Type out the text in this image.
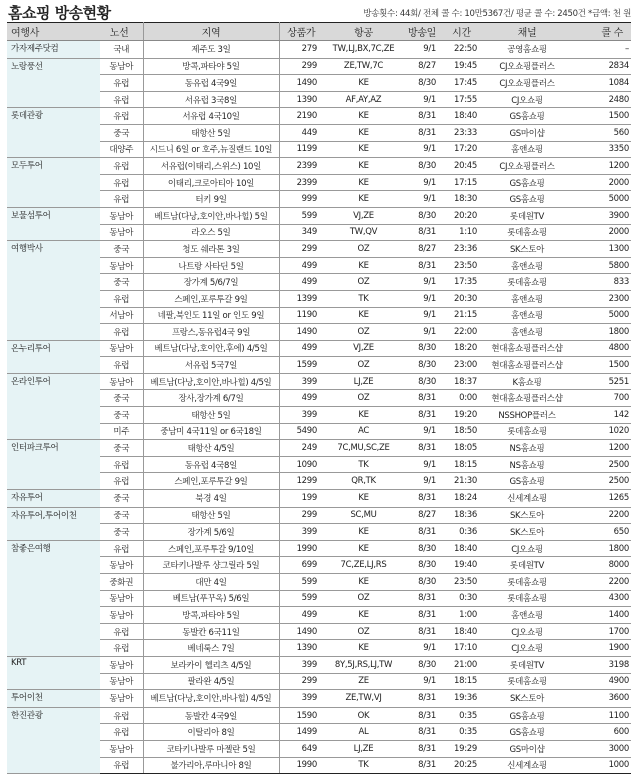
홈쇼핑 방송현황	방송횟수: 44회/ 전체 콜 수: 10만5367건/ 평균 콜 수: 2450건 *금액: 천 원
여행사	노선	지역	상품가	항공	방송일	시간	채널	콜 수
가자제주닷컴	국내	제주도 3일	279	TW,LJ,BX,7C,ZE	9/1	22:50	공영홈쇼핑	–
노랑풍선	동남아	방콕,파타야 5일	299	ZE,TW,7C	8/27	19:45	CJ오쇼핑플러스	2834
	유럽	동유럽 4국9일	1490	KE	8/30	17:45	CJ오쇼핑플러스	1084
	유럽	서유럽 3국8일	1390	AF,AY,AZ	9/1	17:55	CJ오쇼핑	2480
롯데관광	유럽	서유럽 4국10일	2190	KE	8/31	18:40	GS홈쇼핑	1500
	중국	태항산 5일	449	KE	8/31	23:33	GS마이샵	560
	대양주	시드니 6일 or 호주,뉴질랜드 10일	1199	KE	9/1	17:20	홈앤쇼핑	3350
모두투어	유럽	서유럽(이태리,스위스) 10일	2399	KE	8/30	20:45	CJ오쇼핑플러스	1200
	유럽	이태리,크로아티아 10일	2399	KE	9/1	17:15	GS홈쇼핑	2000
	유럽	터키 9일	999	KE	9/1	18:30	GS홈쇼핑	5000
보물섬투어	동남아	베트남(다낭,호이안,바나힐) 5일	599	VJ,ZE	8/30	20:20	롯데원TV	3900
	동남아	라오스 5일	349	TW,QV	8/31	1:10	롯데홈쇼핑	2000
여행박사	중국	청도 쉐라톤 3일	299	OZ	8/27	23:36	SK스토아	1300
	동남아	나트랑 사타딘 5일	499	KE	8/31	23:50	홈앤쇼핑	5800
	중국	장가계 5/6/7일	499	OZ	9/1	17:35	롯데홈쇼핑	833
	유럽	스페인,포루투갈 9일	1399	TK	9/1	20:30	홈앤쇼핑	2300
	서남아	네팔,북인도 11일 or 인도 9일	1190	KE	9/1	21:15	홈앤쇼핑	5000
	유럽	프랑스,동유럽4국 9일	1490	OZ	9/1	22:00	홈앤쇼핑	1800
온누리투어	동남아	베트남(다낭,호이안,후에) 4/5일	499	VJ,ZE	8/30	18:20	현대홈쇼핑플러스샵	4800
	유럽	서유럽 5국7일	1599	OZ	8/30	23:00	현대홈쇼핑플러스샵	1500
온라인투어	동남아	베트남(다낭,호이안,바나힐) 4/5일	399	LJ,ZE	8/30	18:37	K홈쇼핑	5251
	중국	장사,장가계 6/7일	499	OZ	8/31	0:00	현대홈쇼핑플러스샵	700
	중국	태항산 5일	399	KE	8/31	19:20	NSSHOP플러스	142
	미주	중남미 4국11일 or 6국18일	5490	AC	9/1	18:50	롯데홈쇼핑	1020
인터파크투어	중국	태항산 4/5일	249	7C,MU,SC,ZE	8/31	18:05	NS홈쇼핑	1200
	유럽	동유럽 4국8일	1090	TK	9/1	18:15	NS홈쇼핑	2500
	유럽	스페인,포루투갈 9일	1299	QR,TK	9/1	21:30	GS홈쇼핑	2500
자유투어	중국	북경 4일	199	KE	8/31	18:24	신세계쇼핑	1265
자유투어,투어이천	중국	태항산 5일	299	SC,MU	8/27	18:36	SK스토아	2200
	중국	장가계 5/6일	399	KE	8/31	0:36	SK스토아	650
참좋은여행	유럽	스페인,포루투갈 9/10일	1990	KE	8/30	18:40	CJ오쇼핑	1800
	동남아	코타키나발루 샹그릴라 5일	699	7C,ZE,LJ,RS	8/30	19:40	롯데원TV	8000
	중화권	대만 4일	599	KE	8/30	23:50	롯데홈쇼핑	2200
	동남아	베트남(푸꾸옥) 5/6일	599	OZ	8/31	0:30	롯데홈쇼핑	4300
	동남아	방콕,파타야 5일	499	KE	8/31	1:00	홈앤쇼핑	1400
	유럽	동발칸 6국11일	1490	OZ	8/31	18:40	CJ오쇼핑	1700
	유럽	베네룩스 7일	1390	KE	9/1	17:10	CJ오쇼핑	1900
KRT	동남아	보라카이 헬리츠 4/5일	399	8Y,5J,RS,LJ,TW	8/30	21:00	롯데원TV	3198
	동남아	팔라완 4/5일	299	ZE	9/1	18:15	롯데홈쇼핑	4900
투어이천	동남아	베트남(다낭,호이안,바나힐) 4/5일	399	ZE,TW,VJ	8/31	19:36	SK스토아	3600
한진관광	유럽	동발칸 4국9일	1590	OK	8/31	0:35	GS홈쇼핑	1100
	유럽	이탈리아 8일	1499	AL	8/31	0:35	GS홈쇼핑	600
	동남아	코타키나발루 마젤란 5일	649	LJ,ZE	8/31	19:29	GS마이샵	3000
	유럽	불가리아,루마니아 8일	1990	TK	8/31	20:25	신세계쇼핑	1000
